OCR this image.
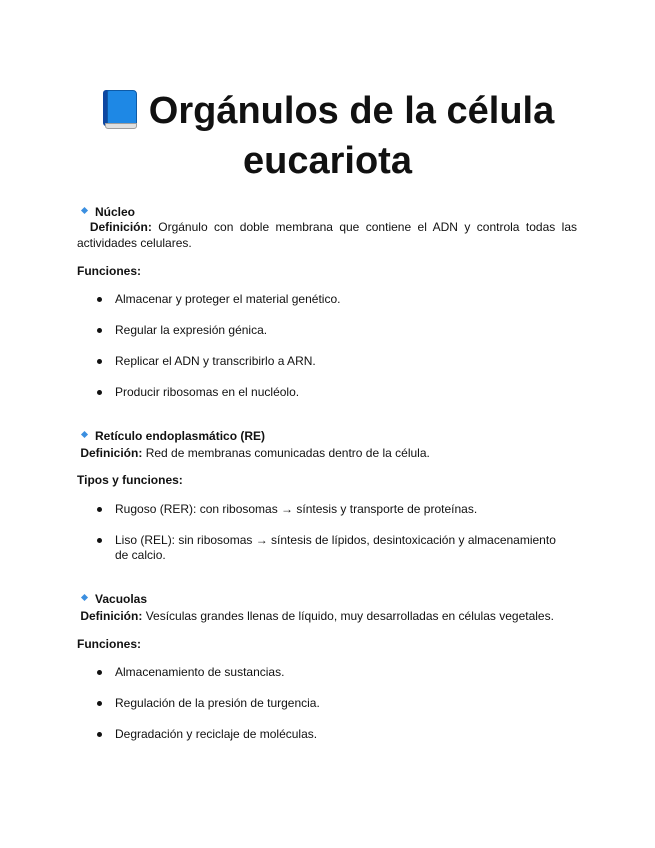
Orgánulos de la célula
eucariota
Núcleo
Definición: Orgánulo con doble membrana que contiene el ADN y controla todas las actividades celulares.
Funciones:
Almacenar y proteger el material genético.
Regular la expresión génica.
Replicar el ADN y transcribirlo a ARN.
Producir ribosomas en el nucléolo.
Retículo endoplasmático (RE)
Definición: Red de membranas comunicadas dentro de la célula.
Tipos y funciones:
Rugoso (RER): con ribosomas → síntesis y transporte de proteínas.
Liso (REL): sin ribosomas → síntesis de lípidos, desintoxicación y almacenamiento de calcio.
Vacuolas
Definición: Vesículas grandes llenas de líquido, muy desarrolladas en células vegetales.
Funciones:
Almacenamiento de sustancias.
Regulación de la presión de turgencia.
Degradación y reciclaje de moléculas.
